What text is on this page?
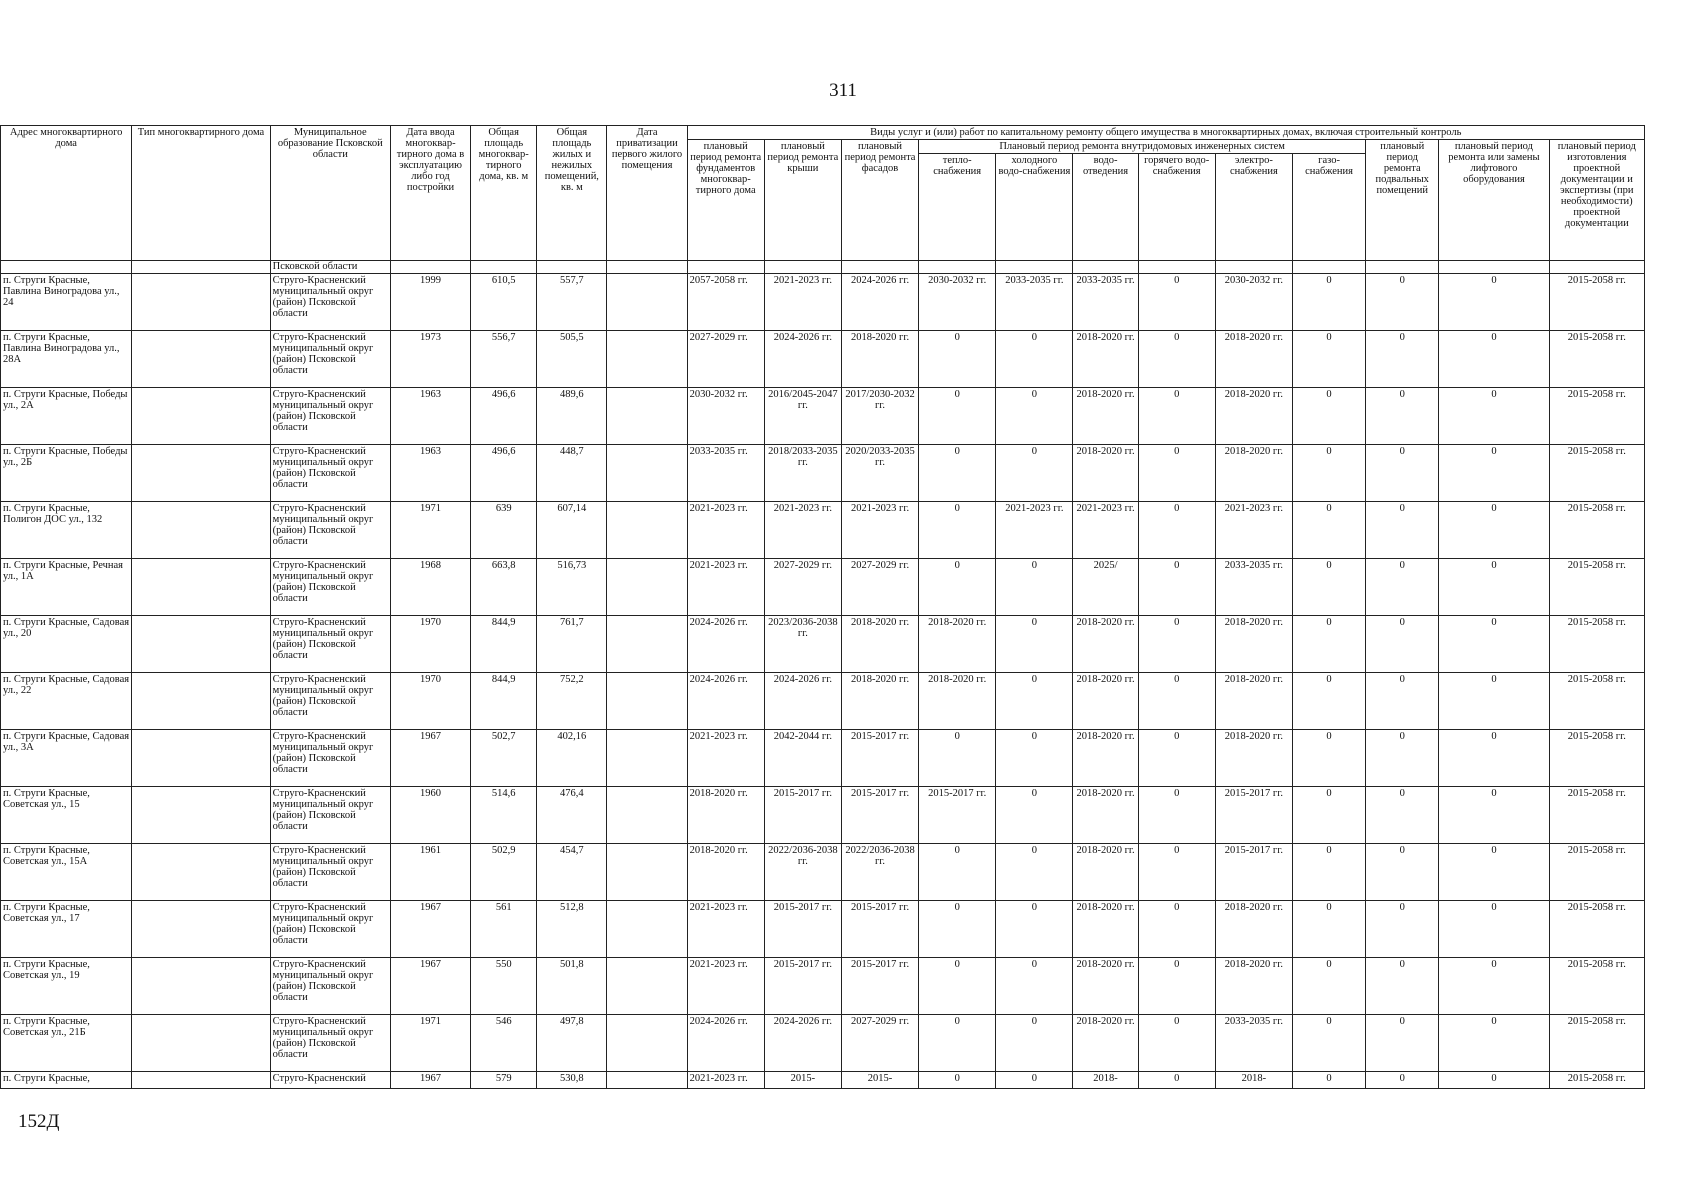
311
Адрес многоквартирного дома	Тип многоквартирного дома	Муниципальное образование Псковской области	Дата ввода многоквар-тирного дома в эксплуатацию либо год постройки	Общая площадь многоквар-тирного дома, кв. м	Общая площадь жилых и нежилых помещений, кв. м	Дата приватизации первого жилого помещения	Виды услуг и (или) работ по капитальному ремонту общего имущества в многоквартирных домах, включая строительный контроль											
							плановый период ремонта фундаментов многоквар-тирного дома	плановый период ремонта крыши	плановый период ремонта фасадов	Плановый период ремонта внутридомовых инженерных систем						плановый период ремонта подвальных помещений	плановый период ремонта или замены лифтового оборудования	плановый период изготовления проектной документации и экспертизы (при необходимости) проектной документации
										тепло-снабжения	холодного водо-снабжения	водо-отведения	горячего водо-снабжения	электро-снабжения	газо-снабжения			
		Псковской области																
п. Струги Красные, Павлина Виноградова ул., 24		Струго-Красненский муниципальный округ (район) Псковской области	1999	610,5	557,7		2057-2058 гг.	2021-2023 гг.	2024-2026 гг.	2030-2032 гг.	2033-2035 гг.	2033-2035 гг.	0	2030-2032 гг.	0	0	0	2015-2058 гг.
п. Струги Красные, Павлина Виноградова ул., 28А		Струго-Красненский муниципальный округ (район) Псковской области	1973	556,7	505,5		2027-2029 гг.	2024-2026 гг.	2018-2020 гг.	0	0	2018-2020 гг.	0	2018-2020 гг.	0	0	0	2015-2058 гг.
п. Струги Красные, Победы ул., 2А		Струго-Красненский муниципальный округ (район) Псковской области	1963	496,6	489,6		2030-2032 гг.	2016/2045-2047 гг.	2017/2030-2032 гг.	0	0	2018-2020 гг.	0	2018-2020 гг.	0	0	0	2015-2058 гг.
п. Струги Красные, Победы ул., 2Б		Струго-Красненский муниципальный округ (район) Псковской области	1963	496,6	448,7		2033-2035 гг.	2018/2033-2035 гг.	2020/2033-2035 гг.	0	0	2018-2020 гг.	0	2018-2020 гг.	0	0	0	2015-2058 гг.
п. Струги Красные, Полигон ДОС ул., 132		Струго-Красненский муниципальный округ (район) Псковской области	1971	639	607,14		2021-2023 гг.	2021-2023 гг.	2021-2023 гг.	0	2021-2023 гг.	2021-2023 гг.	0	2021-2023 гг.	0	0	0	2015-2058 гг.
п. Струги Красные, Речная ул., 1А		Струго-Красненский муниципальный округ (район) Псковской области	1968	663,8	516,73		2021-2023 гг.	2027-2029 гг.	2027-2029 гг.	0	0	2025/	0	2033-2035 гг.	0	0	0	2015-2058 гг.
п. Струги Красные, Садовая ул., 20		Струго-Красненский муниципальный округ (район) Псковской области	1970	844,9	761,7		2024-2026 гг.	2023/2036-2038 гг.	2018-2020 гг.	2018-2020 гг.	0	2018-2020 гг.	0	2018-2020 гг.	0	0	0	2015-2058 гг.
п. Струги Красные, Садовая ул., 22		Струго-Красненский муниципальный округ (район) Псковской области	1970	844,9	752,2		2024-2026 гг.	2024-2026 гг.	2018-2020 гг.	2018-2020 гг.	0	2018-2020 гг.	0	2018-2020 гг.	0	0	0	2015-2058 гг.
п. Струги Красные, Садовая ул., 3А		Струго-Красненский муниципальный округ (район) Псковской области	1967	502,7	402,16		2021-2023 гг.	2042-2044 гг.	2015-2017 гг.	0	0	2018-2020 гг.	0	2018-2020 гг.	0	0	0	2015-2058 гг.
п. Струги Красные, Советская ул., 15		Струго-Красненский муниципальный округ (район) Псковской области	1960	514,6	476,4		2018-2020 гг.	2015-2017 гг.	2015-2017 гг.	2015-2017 гг.	0	2018-2020 гг.	0	2015-2017 гг.	0	0	0	2015-2058 гг.
п. Струги Красные, Советская ул., 15А		Струго-Красненский муниципальный округ (район) Псковской области	1961	502,9	454,7		2018-2020 гг.	2022/2036-2038 гг.	2022/2036-2038 гг.	0	0	2018-2020 гг.	0	2015-2017 гг.	0	0	0	2015-2058 гг.
п. Струги Красные, Советская ул., 17		Струго-Красненский муниципальный округ (район) Псковской области	1967	561	512,8		2021-2023 гг.	2015-2017 гг.	2015-2017 гг.	0	0	2018-2020 гг.	0	2018-2020 гг.	0	0	0	2015-2058 гг.
п. Струги Красные, Советская ул., 19		Струго-Красненский муниципальный округ (район) Псковской области	1967	550	501,8		2021-2023 гг.	2015-2017 гг.	2015-2017 гг.	0	0	2018-2020 гг.	0	2018-2020 гг.	0	0	0	2015-2058 гг.
п. Струги Красные, Советская ул., 21Б		Струго-Красненский муниципальный округ (район) Псковской области	1971	546	497,8		2024-2026 гг.	2024-2026 гг.	2027-2029 гг.	0	0	2018-2020 гг.	0	2033-2035 гг.	0	0	0	2015-2058 гг.
п. Струги Красные,		Струго-Красненский	1967	579	530,8		2021-2023 гг.	2015-	2015-	0	0	2018-	0	2018-	0	0	0	2015-2058 гг.
152Д
